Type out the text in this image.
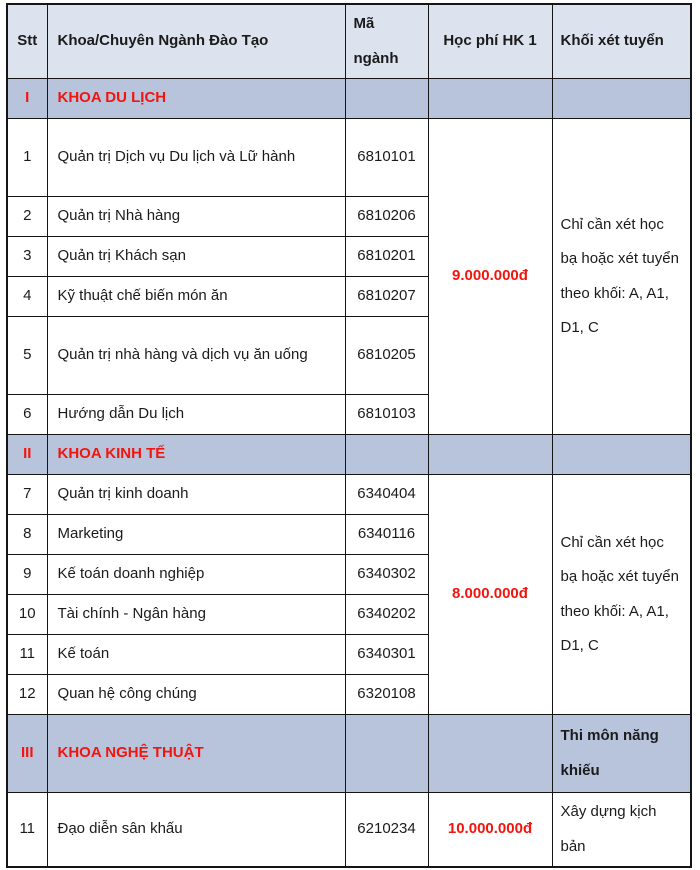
Stt	Khoa/Chuyên Ngành Đào Tạo	Mã ngành	Học phí HK 1	Khối xét tuyển
I	KHOA DU LỊCH			
1	Quản trị Dịch vụ Du lịch và Lữ hành	6810101	9.000.000đ	Chỉ cần xét học bạ hoặc xét tuyển theo khối: A, A1, D1, C
2	Quản trị Nhà hàng	6810206		
3	Quản trị Khách sạn	6810201		
4	Kỹ thuật chế biến món ăn	6810207		
5	Quản trị nhà hàng và dịch vụ ăn uống	6810205		
6	Hướng dẫn Du lịch	6810103		
II	KHOA KINH TẾ			
7	Quản trị kinh doanh	6340404	8.000.000đ	Chỉ cần xét học bạ hoặc xét tuyển theo khối: A, A1, D1, C
8	Marketing	6340116		
9	Kế toán doanh nghiệp	6340302		
10	Tài chính - Ngân hàng	6340202		
11	Kế toán	6340301		
12	Quan hệ công chúng	6320108		
III	KHOA NGHỆ THUẬT			Thi môn năng khiếu
11	Đạo diễn sân khấu	6210234	10.000.000đ	Xây dựng kịch bản
